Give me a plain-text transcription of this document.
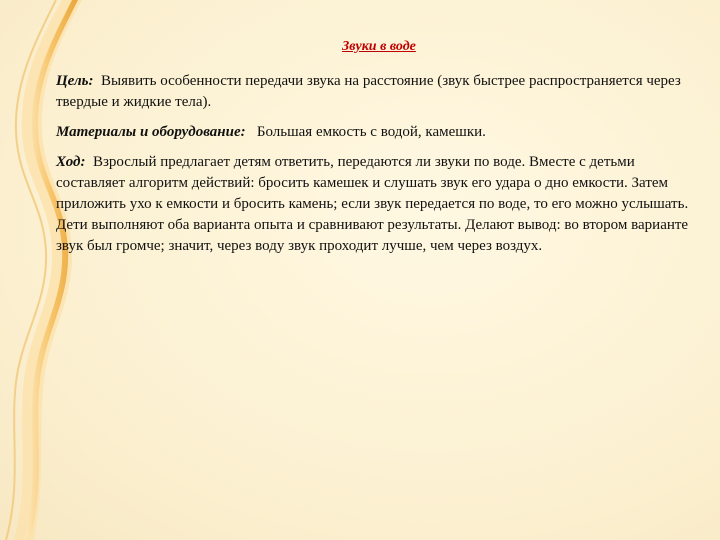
Звуки в воде

Цель: Выявить особенности передачи звука на расстояние (звук быстрее распространяется через твердые и жидкие тела).

Материалы и оборудование: Большая емкость с водой, камешки.

Ход: Взрослый предлагает детям ответить, передаются ли звуки по воде. Вместе с детьми составляет алгоритм действий: бросить камешек и слушать звук его удара о дно емкости. Затем приложить ухо к емкости и бросить камень; если звук передается по воде, то его можно услышать. Дети выполняют оба варианта опыта и сравнивают результаты. Делают вывод: во втором варианте звук был громче; значит, через воду звук проходит лучше, чем через воздух.
